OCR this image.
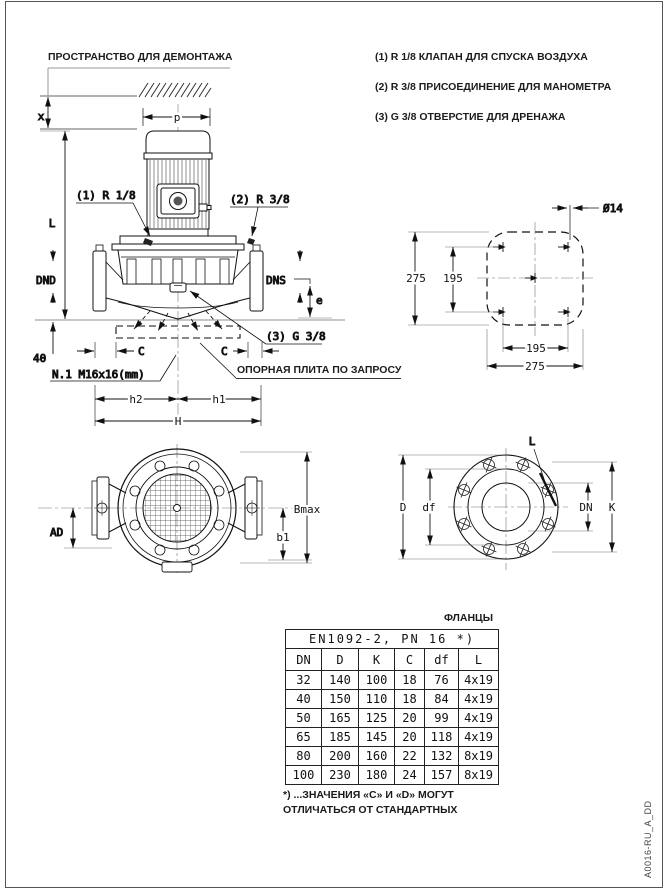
x	p
L
(1) R 1/8	(2) R 3/8
(3) G 3/8
DND	DNS
e
40
C	C
N.1 M16x16(mm)
h2	h1
H
Ø14
275 195
195
275
AD
Bmax
b1
L
D df	DN K
ПРОСТРАНСТВО ДЛЯ ДЕМОНТАЖА	(1) R 1/8 КЛАПАН ДЛЯ СПУСКА ВОЗДУХА
(2) R 3/8 ПРИСОЕДИНЕНИЕ ДЛЯ МАНОМЕТРА
(3) G 3/8 ОТВЕРСТИЕ ДЛЯ ДРЕНАЖА
ОПОРНАЯ ПЛИТА ПО ЗАПРОСУ
ФЛАНЦЫ
EN1092-2, PN 16 *)					
DN	D	K	C	df	L
32	140	100	18	76	4x19
40	150	110	18	84	4x19
50	165	125	20	99	4x19
65	185	145	20	118	4x19
80	200	160	22	132	8x19
100	230	180	24	157	8x19
*) ...ЗНАЧЕНИЯ «С» И «D» МОГУТ
ОТЛИЧАТЬСЯ ОТ СТАНДАРТНЫХ	A0016-RU_A_DD
